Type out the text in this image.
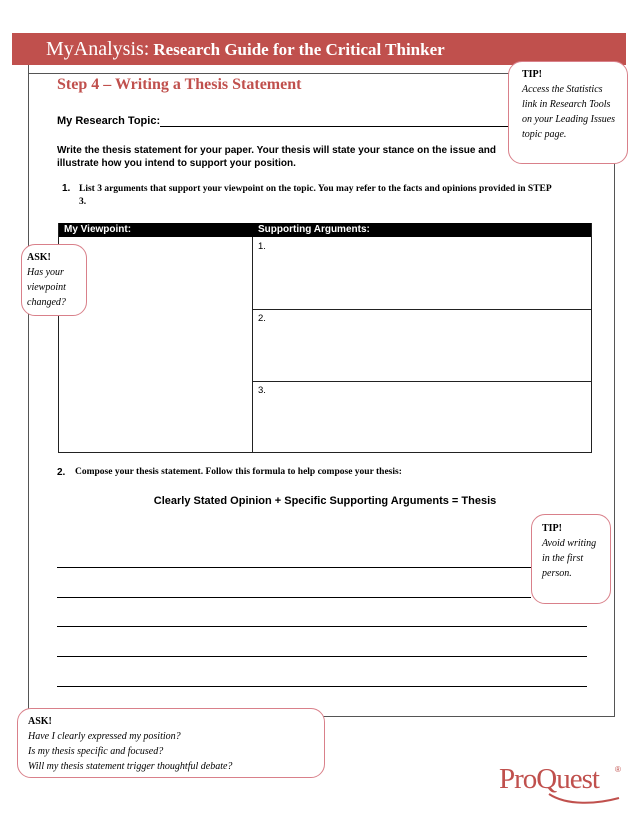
MyAnalysis: Research Guide for the Critical Thinker
Step 4 – Writing a Thesis Statement
My Research Topic:
Write the thesis statement for your paper. Your thesis will state your stance on the issue and illustrate how you intend to support your position.
1. List 3 arguments that support your viewpoint on the topic. You may refer to the facts and opinions provided in STEP 3.
My Viewpoint:	Supporting Arguments:
1.
2.
3.
2. Compose your thesis statement. Follow this formula to help compose your thesis:
Clearly Stated Opinion + Specific Supporting Arguments = Thesis
TIP!
Access the Statistics link in Research Tools on your Leading Issues topic page.
ASK!
Has your viewpoint changed?
TIP!
Avoid writing in the first person.
ASK!
Have I clearly expressed my position?
Is my thesis specific and focused?
Will my thesis statement trigger thoughtful debate?	ProQuest ®
